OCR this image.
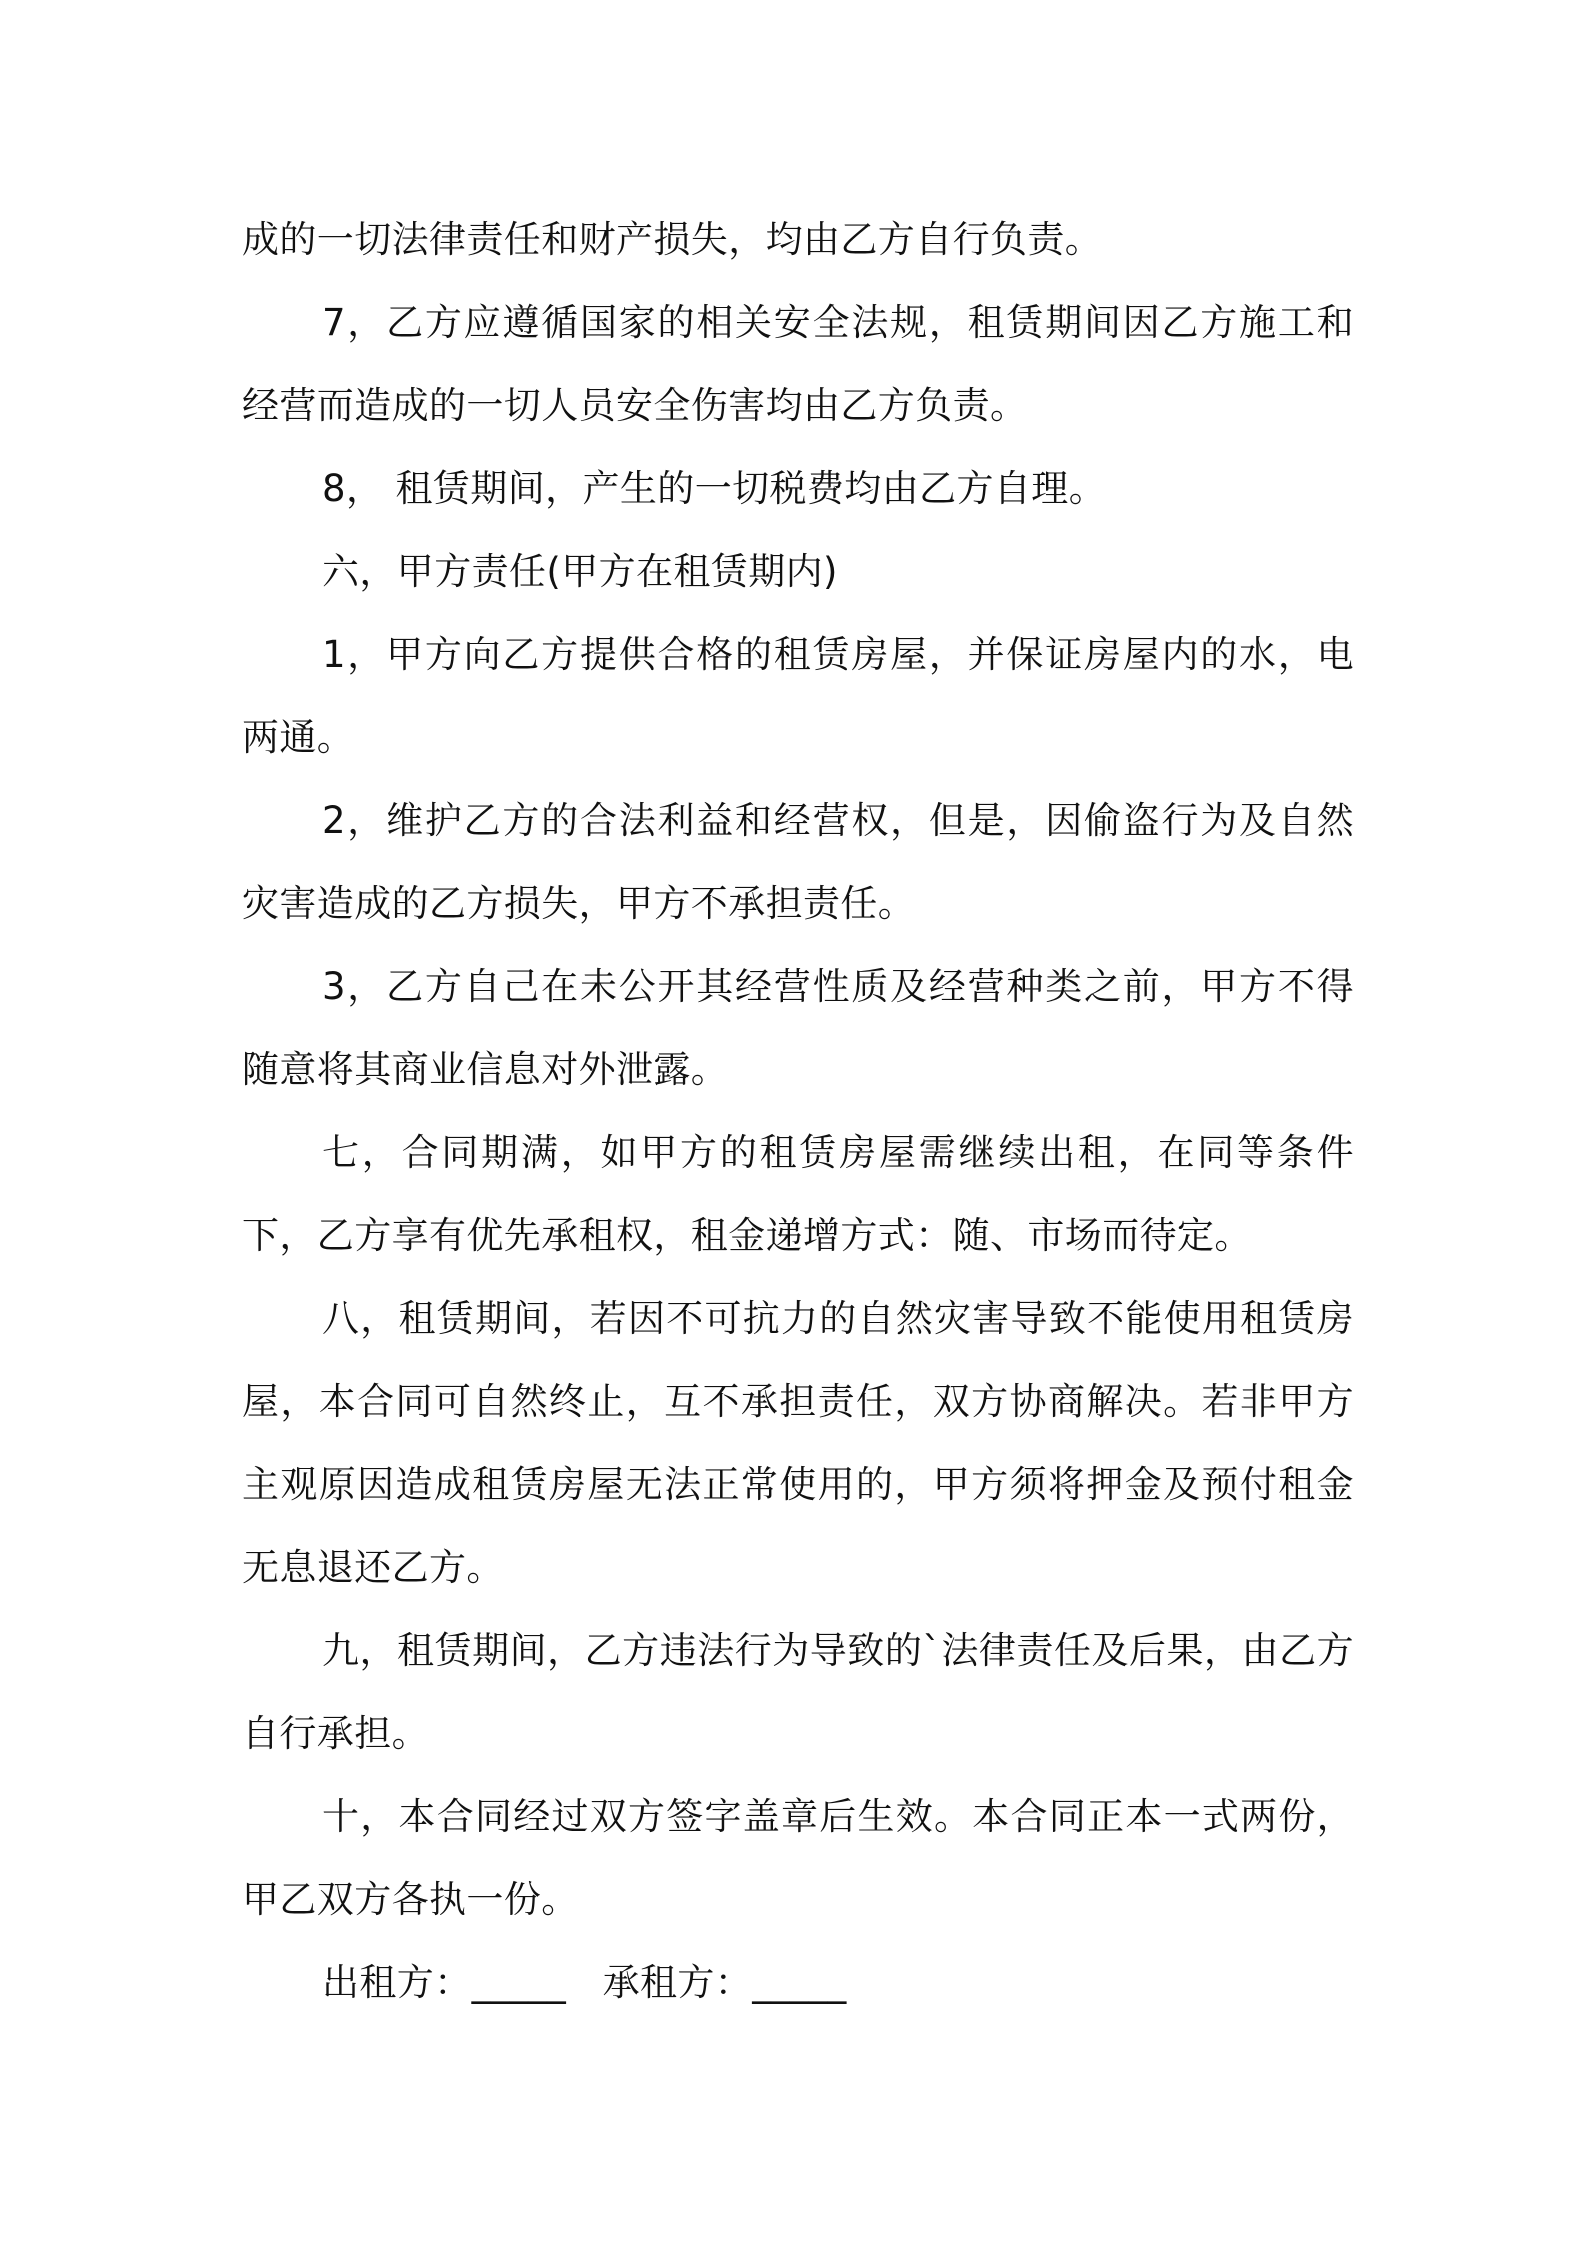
成的一切法律责任和财产损失，均由乙方自行负责。

7，乙方应遵循国家的相关安全法规，租赁期间因乙方施工和经营而造成的一切人员安全伤害均由乙方负责。

8， 租赁期间，产生的一切税费均由乙方自理。

六，甲方责任(甲方在租赁期内)

1，甲方向乙方提供合格的租赁房屋，并保证房屋内的水，电两通。

2，维护乙方的合法利益和经营权，但是，因偷盗行为及自然灾害造成的乙方损失，甲方不承担责任。

3，乙方自己在未公开其经营性质及经营种类之前，甲方不得随意将其商业信息对外泄露。

七，合同期满，如甲方的租赁房屋需继续出租，在同等条件下，乙方享有优先承租权，租金递增方式：随、市场而待定。

八，租赁期间，若因不可抗力的自然灾害导致不能使用租赁房屋，本合同可自然终止，互不承担责任，双方协商解决。若非甲方主观原因造成租赁房屋无法正常使用的，甲方须将押金及预付租金无息退还乙方。

九，租赁期间，乙方违法行为导致的`法律责任及后果，由乙方自行承担。

十，本合同经过双方签字盖章后生效。本合同正本一式两份，甲乙双方各执一份。

出租方：_____ 承租方：_____
